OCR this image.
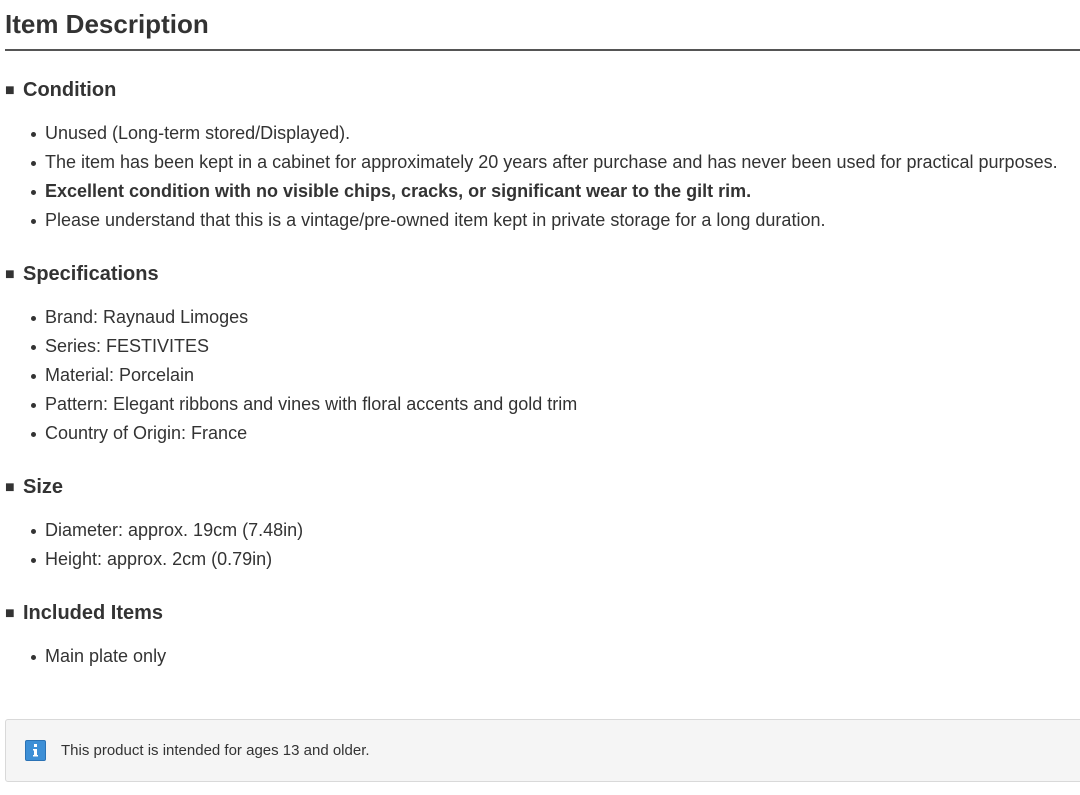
Item Description
■ Condition
Unused (Long-term stored/Displayed).
The item has been kept in a cabinet for approximately 20 years after purchase and has never been used for practical purposes.
Excellent condition with no visible chips, cracks, or significant wear to the gilt rim.
Please understand that this is a vintage/pre-owned item kept in private storage for a long duration.
■ Specifications
Brand: Raynaud Limoges
Series: FESTIVITES
Material: Porcelain
Pattern: Elegant ribbons and vines with floral accents and gold trim
Country of Origin: France
■ Size
Diameter: approx. 19cm (7.48in)
Height: approx. 2cm (0.79in)
■ Included Items
Main plate only
This product is intended for ages 13 and older.
